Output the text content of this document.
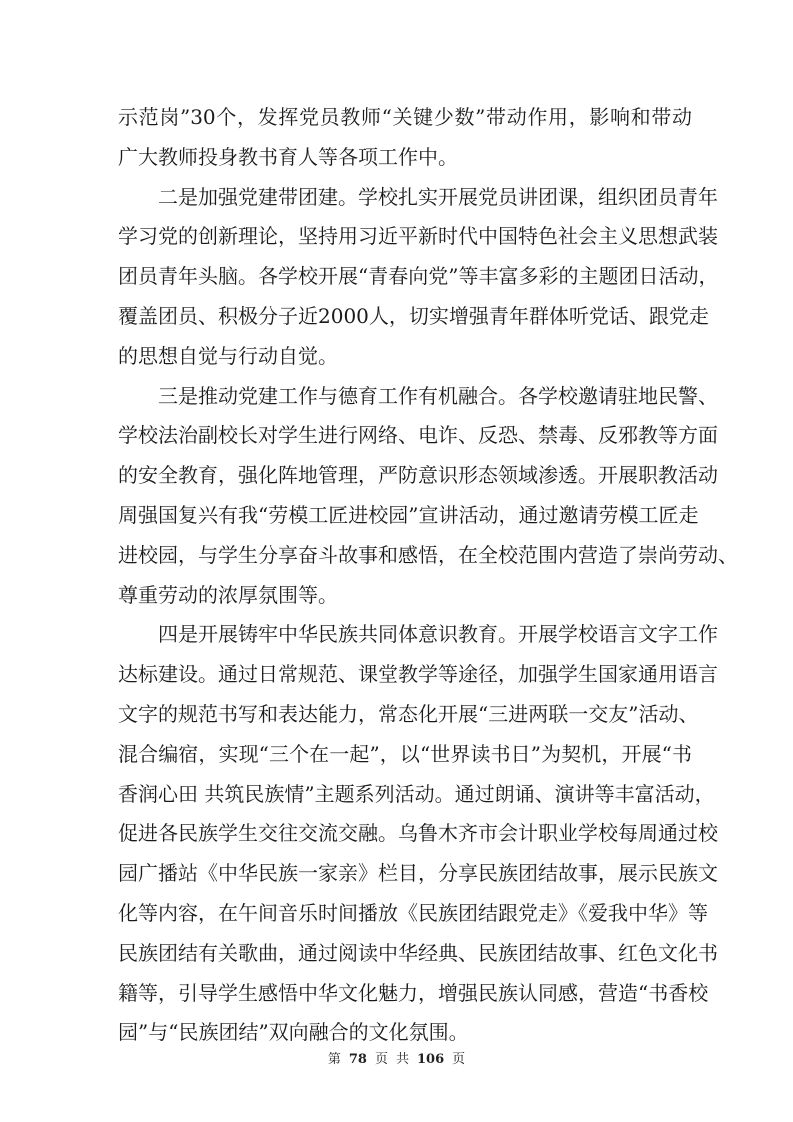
示范岗”30个，发挥党员教师“关键少数”带动作用，影响和带动
广大教师投身教书育人等各项工作中。

二是加强党建带团建。学校扎实开展党员讲团课，组织团员青年
学习党的创新理论，坚持用习近平新时代中国特色社会主义思想武装
团员青年头脑。各学校开展“青春向党”等丰富多彩的主题团日活动，
覆盖团员、积极分子近2000人，切实增强青年群体听党话、跟党走
的思想自觉与行动自觉。

三是推动党建工作与德育工作有机融合。各学校邀请驻地民警、
学校法治副校长对学生进行网络、电诈、反恐、禁毒、反邪教等方面
的安全教育，强化阵地管理，严防意识形态领域渗透。开展职教活动
周强国复兴有我“劳模工匠进校园”宣讲活动，通过邀请劳模工匠走
进校园，与学生分享奋斗故事和感悟，在全校范围内营造了崇尚劳动、
尊重劳动的浓厚氛围等。

四是开展铸牢中华民族共同体意识教育。开展学校语言文字工作
达标建设。通过日常规范、课堂教学等途径，加强学生国家通用语言
文字的规范书写和表达能力，常态化开展“三进两联一交友”活动、
混合编宿，实现“三个在一起”，以“世界读书日”为契机，开展“书
香润心田 共筑民族情”主题系列活动。通过朗诵、演讲等丰富活动，
促进各民族学生交往交流交融。乌鲁木齐市会计职业学校每周通过校
园广播站《中华民族一家亲》栏目，分享民族团结故事，展示民族文
化等内容，在午间音乐时间播放《民族团结跟党走》《爱我中华》等
民族团结有关歌曲，通过阅读中华经典、民族团结故事、红色文化书
籍等，引导学生感悟中华文化魅力，增强民族认同感，营造“书香校
园”与“民族团结”双向融合的文化氛围。

第 78 页 共 106 页
